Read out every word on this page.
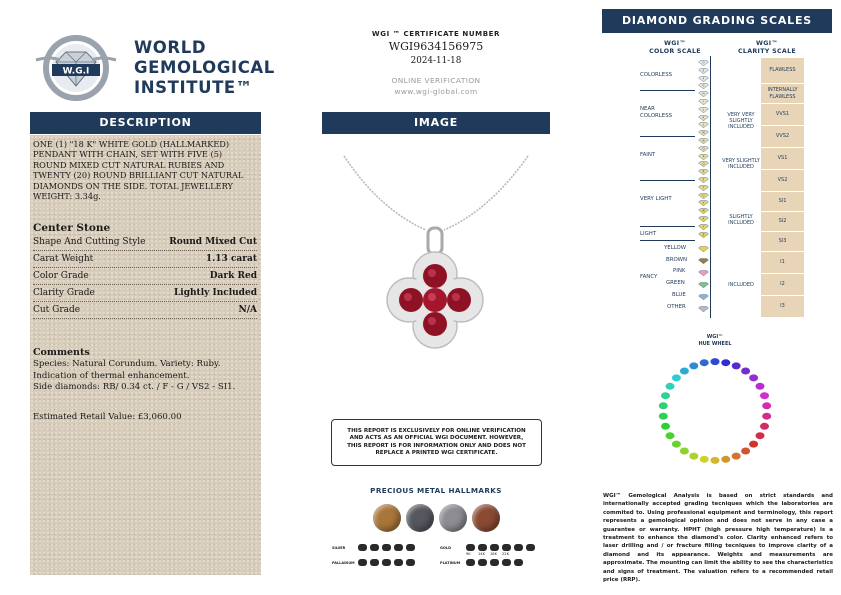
W.G.I
WORLD
GEMOLOGICAL
INSTITUTE™
DESCRIPTION
ONE (1) "18 K" WHITE GOLD (HALLMARKED) PENDANT WITH CHAIN, SET WITH FIVE (5) ROUND MIXED CUT NATURAL RUBIES AND TWENTY (20) ROUND BRILLIANT CUT NATURAL DIAMONDS ON THE SIDE. TOTAL JEWELLERY WEIGHT: 3.34g.
Center Stone
Shape And Cutting Style	Round Mixed Cut
Carat Weight	1.13 carat
Color Grade	Dark Red
Clarity Grade	Lightly Included
Cut Grade	N/A
Comments
Species: Natural Corundum. Variety: Ruby.
Indication of thermal enhancement.
Side diamonds: RB/ 0.34 ct. / F - G / VS2 - SI1.
Estimated Retail Value: £3,060.00
WGI ™ CERTIFICATE NUMBER
WGI9634156975
2024-11-18
ONLINE VERIFICATION
www.wgi-global.com
IMAGE
THIS REPORT IS EXCLUSIVELY FOR ONLINE VERIFICATION AND ACTS AS AN OFFICIAL WGI DOCUMENT. HOWEVER, THIS REPORT IS FOR INFORMATION ONLY AND DOES NOT REPLACE A PRINTED WGI CERTIFICATE.
PRECIOUS METAL HALLMARKS
SILVER
PALLADIUM
GOLD
9K	14K	18K	22K
PLATINUM
DIAMOND GRADING SCALES
WGI™
COLOR SCALE
WGI™
CLARITY SCALE
COLORLESS
NEAR COLORLESS
FAINT
VERY LIGHT
LIGHT
YELLOW
BROWN
FANCY
PINK
GREEN
BLUE
OTHER
D
E
F
G
H
I
J
K
L
M
N
O
P
Q
R
S
T
U
V
W
X
Y
Z
FLAWLESS
INTERNALLY FLAWLESS
VVS1
VVS2
VS1
VS2
SI1
SI2
SI3
I1
I2
I3
VERY VERY SLIGHTLY INCLUDED
VERY SLIGHTLY INCLUDED
SLIGHTLY INCLUDED
INCLUDED
WGI™
HUE WHEEL
WGI™ Gemological Analysis is based on strict standards and internationally accepted grading tecniques which the laboratories are commited to. Using professional equipment and terminology, this report represents a gemological opinion and does not serve in any case a guarantee or warranty. HPHT (high pressure high temperature) is a treatment to enhance the diamond's color. Clarity enhanced refers to laser drilling and / or fracture filling tecniques to improve clarity of a diamond and its appearance. Weights and measurements are approximate. The mounting can limit the ability to see the characteristics and signs of treatment. The valuation refers to a recommended retail price (RRP).
